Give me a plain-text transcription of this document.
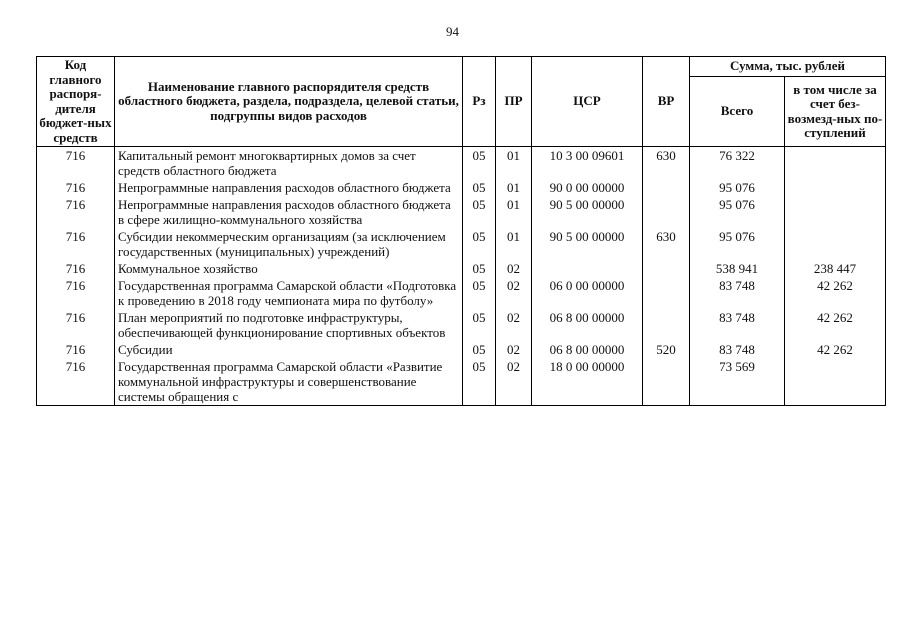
94
Код главного распоря-дителя бюджет-ных средств	Наименование главного распорядителя средств областного бюджета, раздела, подраздела, целевой статьи, подгруппы видов расходов	Рз	ПР	ЦСР	ВР	Сумма, тыс. рублей	
						Всего	в том числе за счет без-возмезд-ных по-ступлений
716	Капитальный ремонт многоквартирных домов за счет средств областного бюджета	05	01	10 3 00 09601	630	76 322	
716	Непрограммные направления расходов областного бюджета	05	01	90 0 00 00000		95 076	
716	Непрограммные направления расходов областного бюджета в сфере жилищно-коммунального хозяйства	05	01	90 5 00 00000		95 076	
716	Субсидии некоммерческим организациям (за исключением государственных (муниципальных) учреждений)	05	01	90 5 00 00000	630	95 076	
716	Коммунальное хозяйство	05	02			538 941	238 447
716	Государственная программа Самарской области «Подготовка к проведению в 2018 году чемпионата мира по футболу»	05	02	06 0 00 00000		83 748	42 262
716	План мероприятий по подготовке инфраструктуры, обеспечивающей функционирование спортивных объектов	05	02	06 8 00 00000		83 748	42 262
716	Субсидии	05	02	06 8 00 00000	520	83 748	42 262
716	Государственная программа Самарской области «Развитие коммунальной инфраструктуры и совершенствование системы обращения с	05	02	18 0 00 00000		73 569	
